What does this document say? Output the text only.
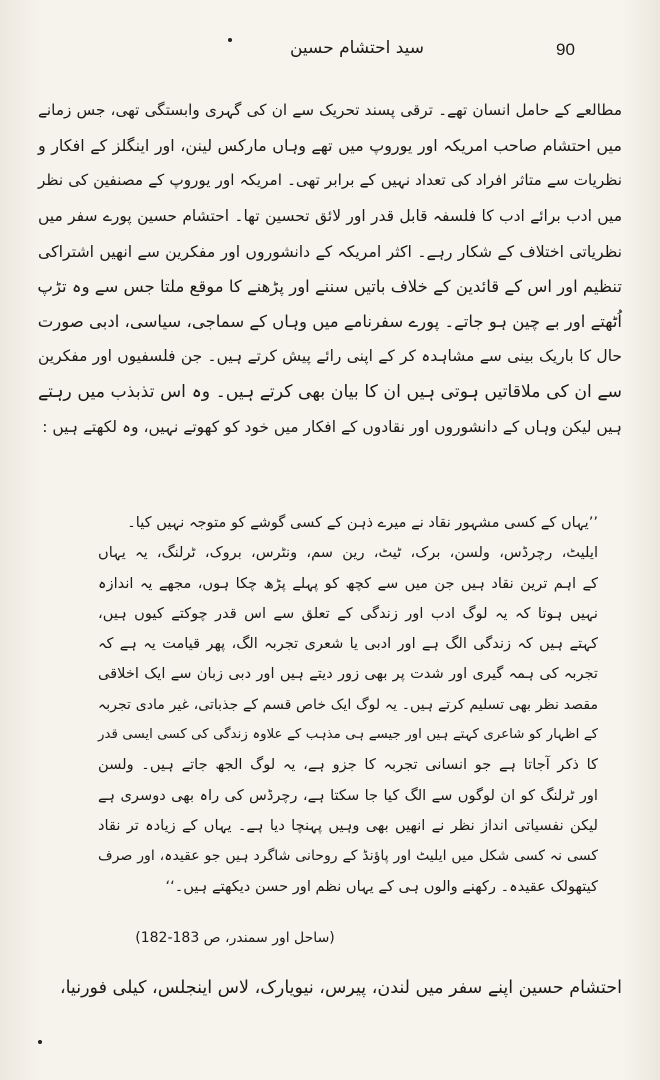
سید احتشام حسین	90
مطالعے کے حامل انسان تھے۔ ترقی پسند تحریک سے ان کی گہری وابستگی تھی، جس زمانے
میں احتشام صاحب امریکہ اور یوروپ میں تھے وہاں مارکس لینن، اور اینگلز کے افکار و
نظریات سے متاثر افراد کی تعداد نہیں کے برابر تھی۔ امریکہ اور یوروپ کے مصنفین کی نظر
میں ادب برائے ادب کا فلسفہ قابل قدر اور لائق تحسین تھا۔ احتشام حسین پورے سفر میں
نظریاتی اختلاف کے شکار رہے۔ اکثر امریکہ کے دانشوروں اور مفکرین سے انھیں اشتراکی
تنظیم اور اس کے قائدین کے خلاف باتیں سننے اور پڑھنے کا موقع ملتا جس سے وہ تڑپ
اُٹھتے اور بے چین ہو جاتے۔ پورے سفرنامے میں وہاں کے سماجی، سیاسی، ادبی صورت
حال کا باریک بینی سے مشاہدہ کر کے اپنی رائے پیش کرتے ہیں۔ جن فلسفیوں اور مفکرین
سے ان کی ملاقاتیں ہوتی ہیں ان کا بیان بھی کرتے ہیں۔ وہ اس تذبذب میں رہتے
ہیں لیکن وہاں کے دانشوروں اور نقادوں کے افکار میں خود کو کھوتے نہیں، وہ لکھتے ہیں :
’’یہاں کے کسی مشہور نقاد نے میرے ذہن کے کسی گوشے کو متوجہ نہیں کیا۔
ایلیٹ، رچرڈس، ولسن، برک، ٹیٹ، رین سم، ونٹرس، بروک، ٹرلنگ، یہ یہاں
کے اہم ترین نقاد ہیں جن میں سے کچھ کو پہلے پڑھ چکا ہوں، مجھے یہ اندازہ
نہیں ہوتا کہ یہ لوگ ادب اور زندگی کے تعلق سے اس قدر چوکتے کیوں ہیں،
کہتے ہیں کہ زندگی الگ ہے اور ادبی یا شعری تجربہ الگ، پھر قیامت یہ ہے کہ
تجربہ کی ہمہ گیری اور شدت پر بھی زور دیتے ہیں اور دبی زبان سے ایک اخلاقی
مقصد نظر بھی تسلیم کرتے ہیں۔ یہ لوگ ایک خاص قسم کے جذباتی، غیر مادی تجربہ
کے اظہار کو شاعری کہتے ہیں اور جیسے ہی مذہب کے علاوہ زندگی کی کسی ایسی قدر
کا ذکر آجاتا ہے جو انسانی تجربہ کا جزو ہے، یہ لوگ الجھ جاتے ہیں۔ ولسن
اور ٹرلنگ کو ان لوگوں سے الگ کیا جا سکتا ہے، رچرڈس کی راہ بھی دوسری ہے
لیکن نفسیاتی انداز نظر نے انھیں بھی وہیں پہنچا دیا ہے۔ یہاں کے زیادہ تر نقاد
کسی نہ کسی شکل میں ایلیٹ اور پاؤنڈ کے روحانی شاگرد ہیں جو عقیدہ، اور صرف
کیتھولک عقیدہ۔ رکھنے والوں ہی کے یہاں نظم اور حسن دیکھتے ہیں۔‘‘
(ساحل اور سمندر، ص 183-182)
احتشام حسین اپنے سفر میں لندن، پیرس، نیویارک، لاس اینجلس، کیلی فورنیا،
